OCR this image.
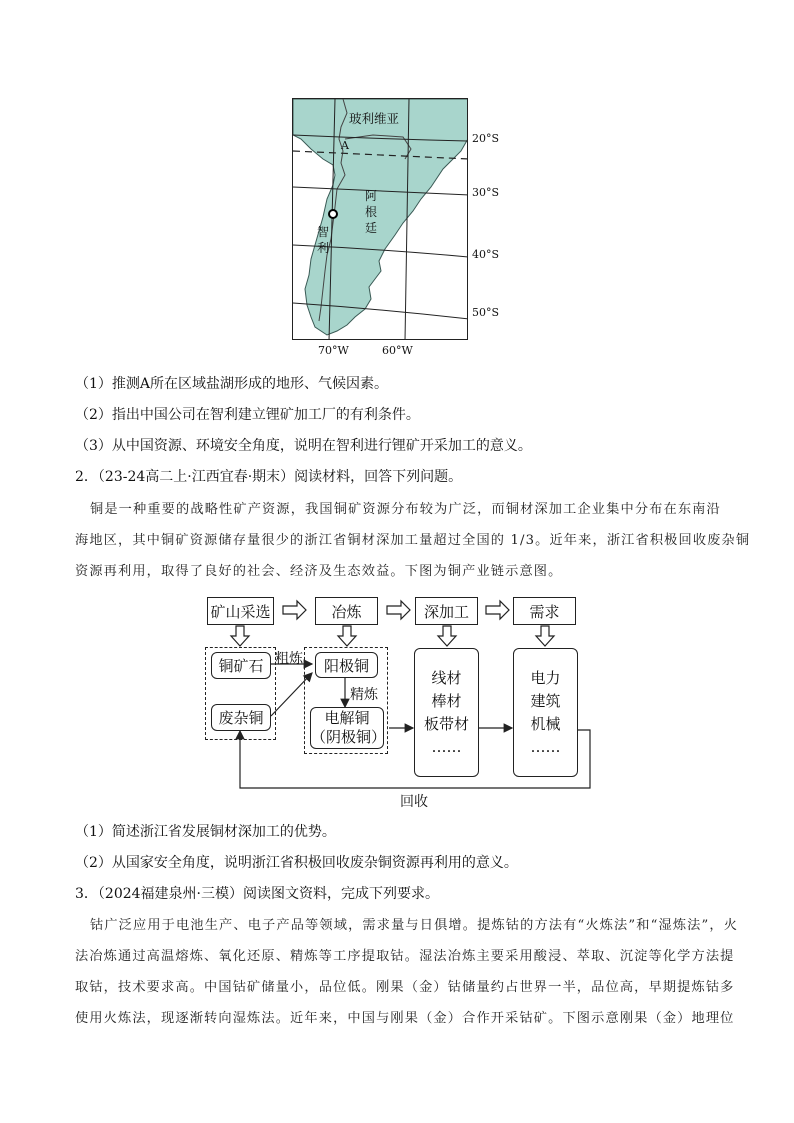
玻利维亚
A
阿
根
廷
智
利
20°S
30°S
40°S
50°S
70°W	60°W
（1）推测A所在区域盐湖形成的地形、气候因素。
（2）指出中国公司在智利建立锂矿加工厂的有利条件。
（3）从中国资源、环境安全角度，说明在智利进行锂矿开采加工的意义。
2．（23-24高二上·江西宜春·期末）阅读材料，回答下列问题。
铜是一种重要的战略性矿产资源，我国铜矿资源分布较为广泛，而铜材深加工企业集中分布在东南沿
海地区，其中铜矿资源储存量很少的浙江省铜材深加工量超过全国的 1/3。近年来，浙江省积极回收废杂铜
资源再利用，取得了良好的社会、经济及生态效益。下图为铜产业链示意图。
矿山采选	冶炼	深加工	需求
铜矿石
废杂铜
粗炼	阳极铜
精炼
电解铜
（阴极铜）
线材
棒材
板带材
……
电力
建筑
机械
……
回收
（1）简述浙江省发展铜材深加工的优势。
（2）从国家安全角度，说明浙江省积极回收废杂铜资源再利用的意义。
3．（2024福建泉州·三模）阅读图文资料，完成下列要求。
钴广泛应用于电池生产、电子产品等领域，需求量与日俱增。提炼钴的方法有“火炼法”和“湿炼法”，火
法冶炼通过高温熔炼、氧化还原、精炼等工序提取钴。湿法冶炼主要采用酸浸、萃取、沉淀等化学方法提
取钴，技术要求高。中国钴矿储量小，品位低。刚果（金）钴储量约占世界一半，品位高，早期提炼钴多
使用火炼法，现逐渐转向湿炼法。近年来，中国与刚果（金）合作开采钴矿。下图示意刚果（金）地理位
